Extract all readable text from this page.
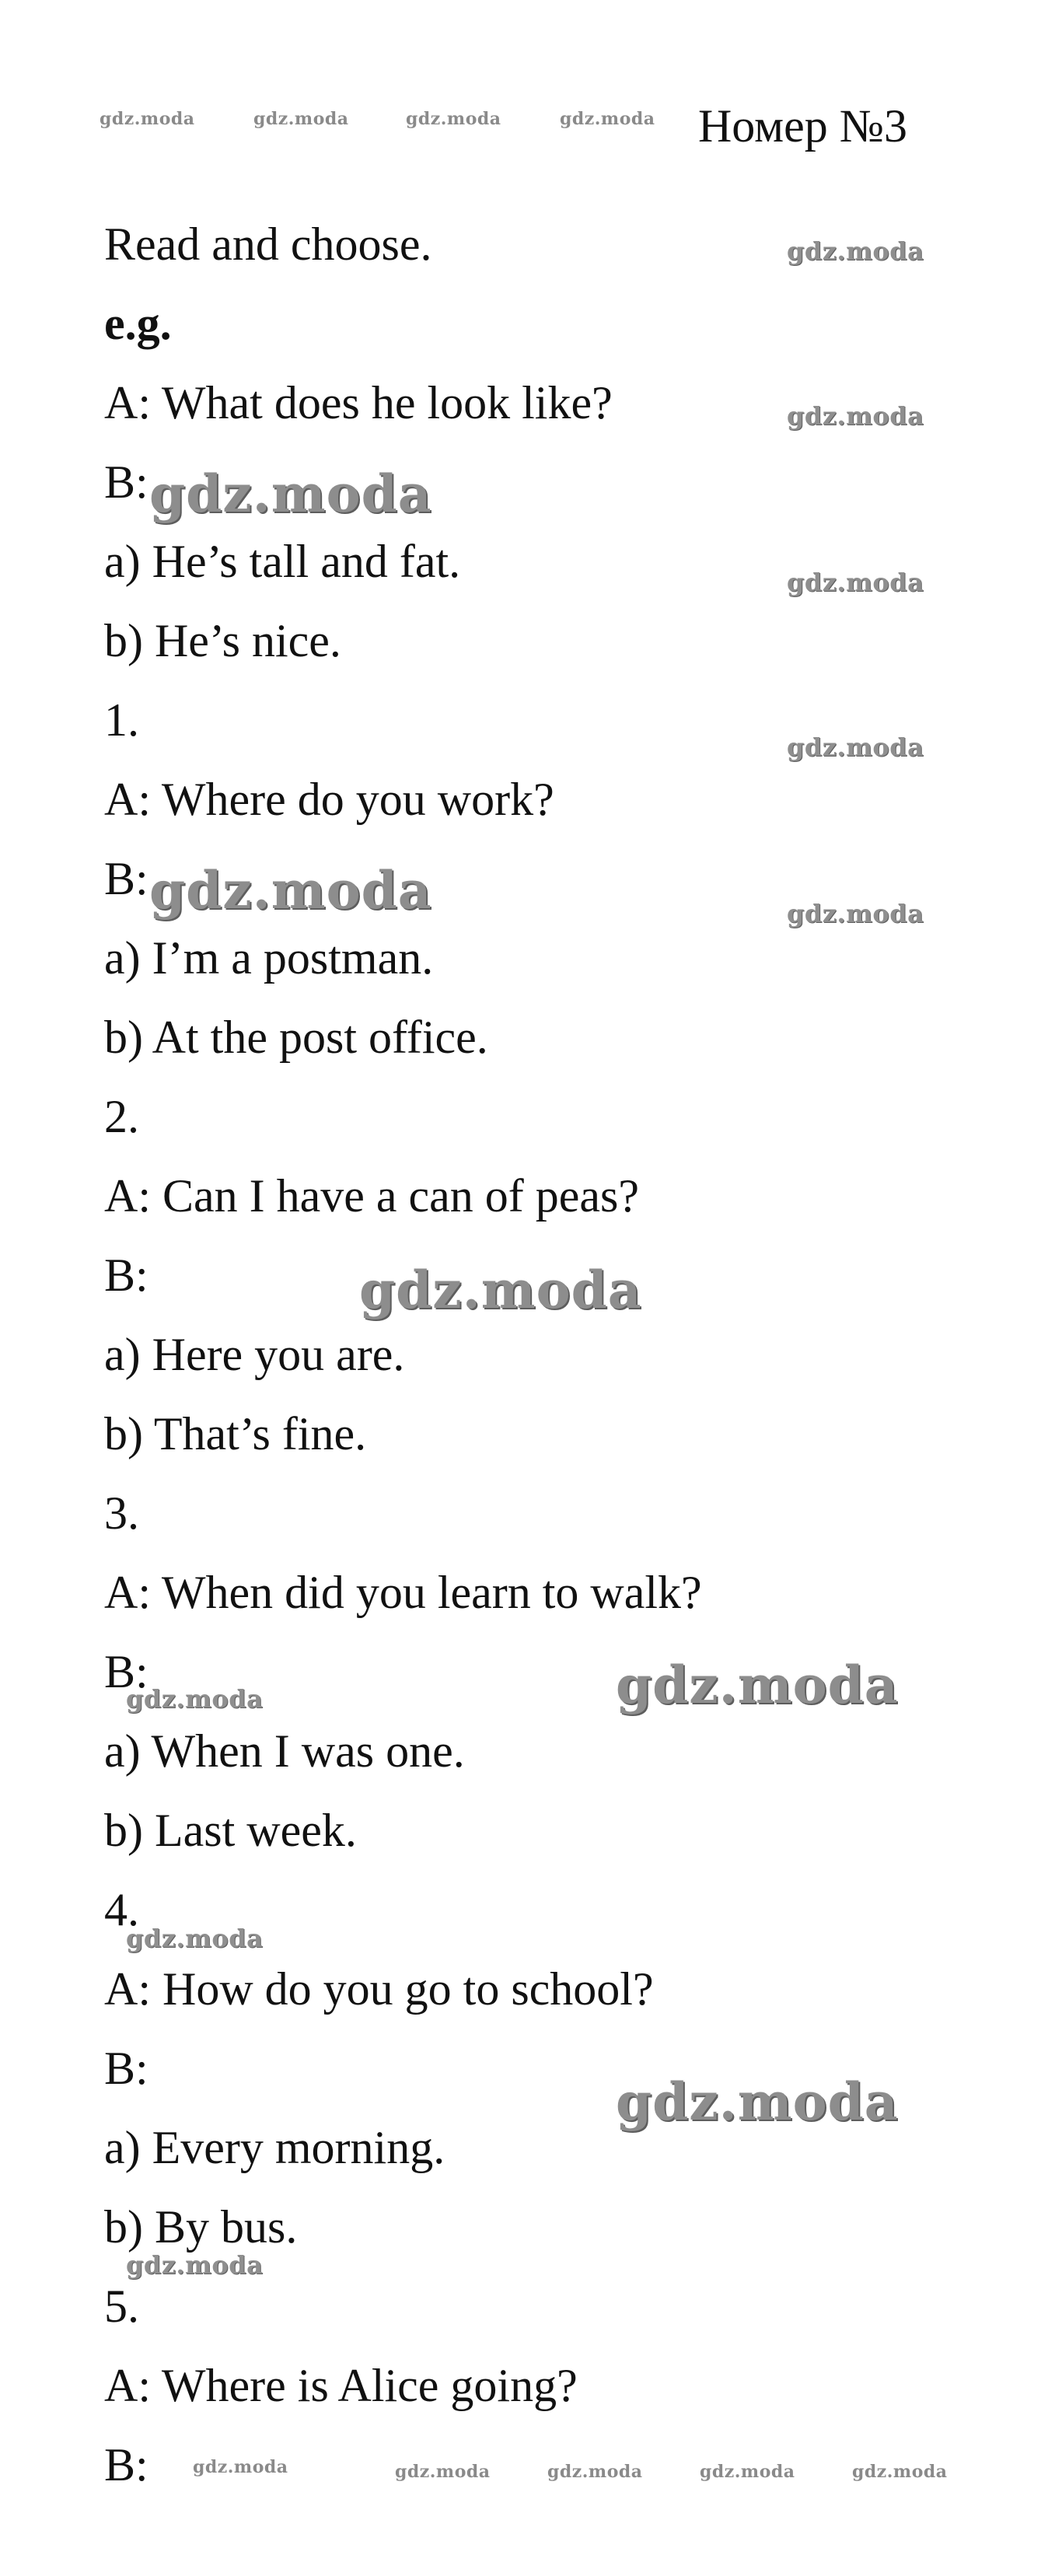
gdz.moda	gdz.moda	gdz.moda	gdz.moda Номер №3
Read and choose.
e.g.
A: What does he look like?
B:
a) He’s tall and fat.
b) He’s nice.
1.
A: Where do you work?
B:
a) I’m a postman.
b) At the post office.
2.
A: Can I have a can of peas?
B:
a) Here you are.
b) That’s fine.
3.
A: When did you learn to walk?
B:
a) When I was one.
b) Last week.
4.
A: How do you go to school?
B:
a) Every morning.
b) By bus.
5.
A: Where is Alice going?
B:
gdz.moda
gdz.moda
gdz.moda
gdz.moda
gdz.moda
gdz.moda
gdz.moda
gdz.moda
gdz.moda
gdz.moda
gdz.moda
gdz.moda
gdz.moda
gdz.moda	gdz.moda	gdz.moda	gdz.moda	gdz.moda
